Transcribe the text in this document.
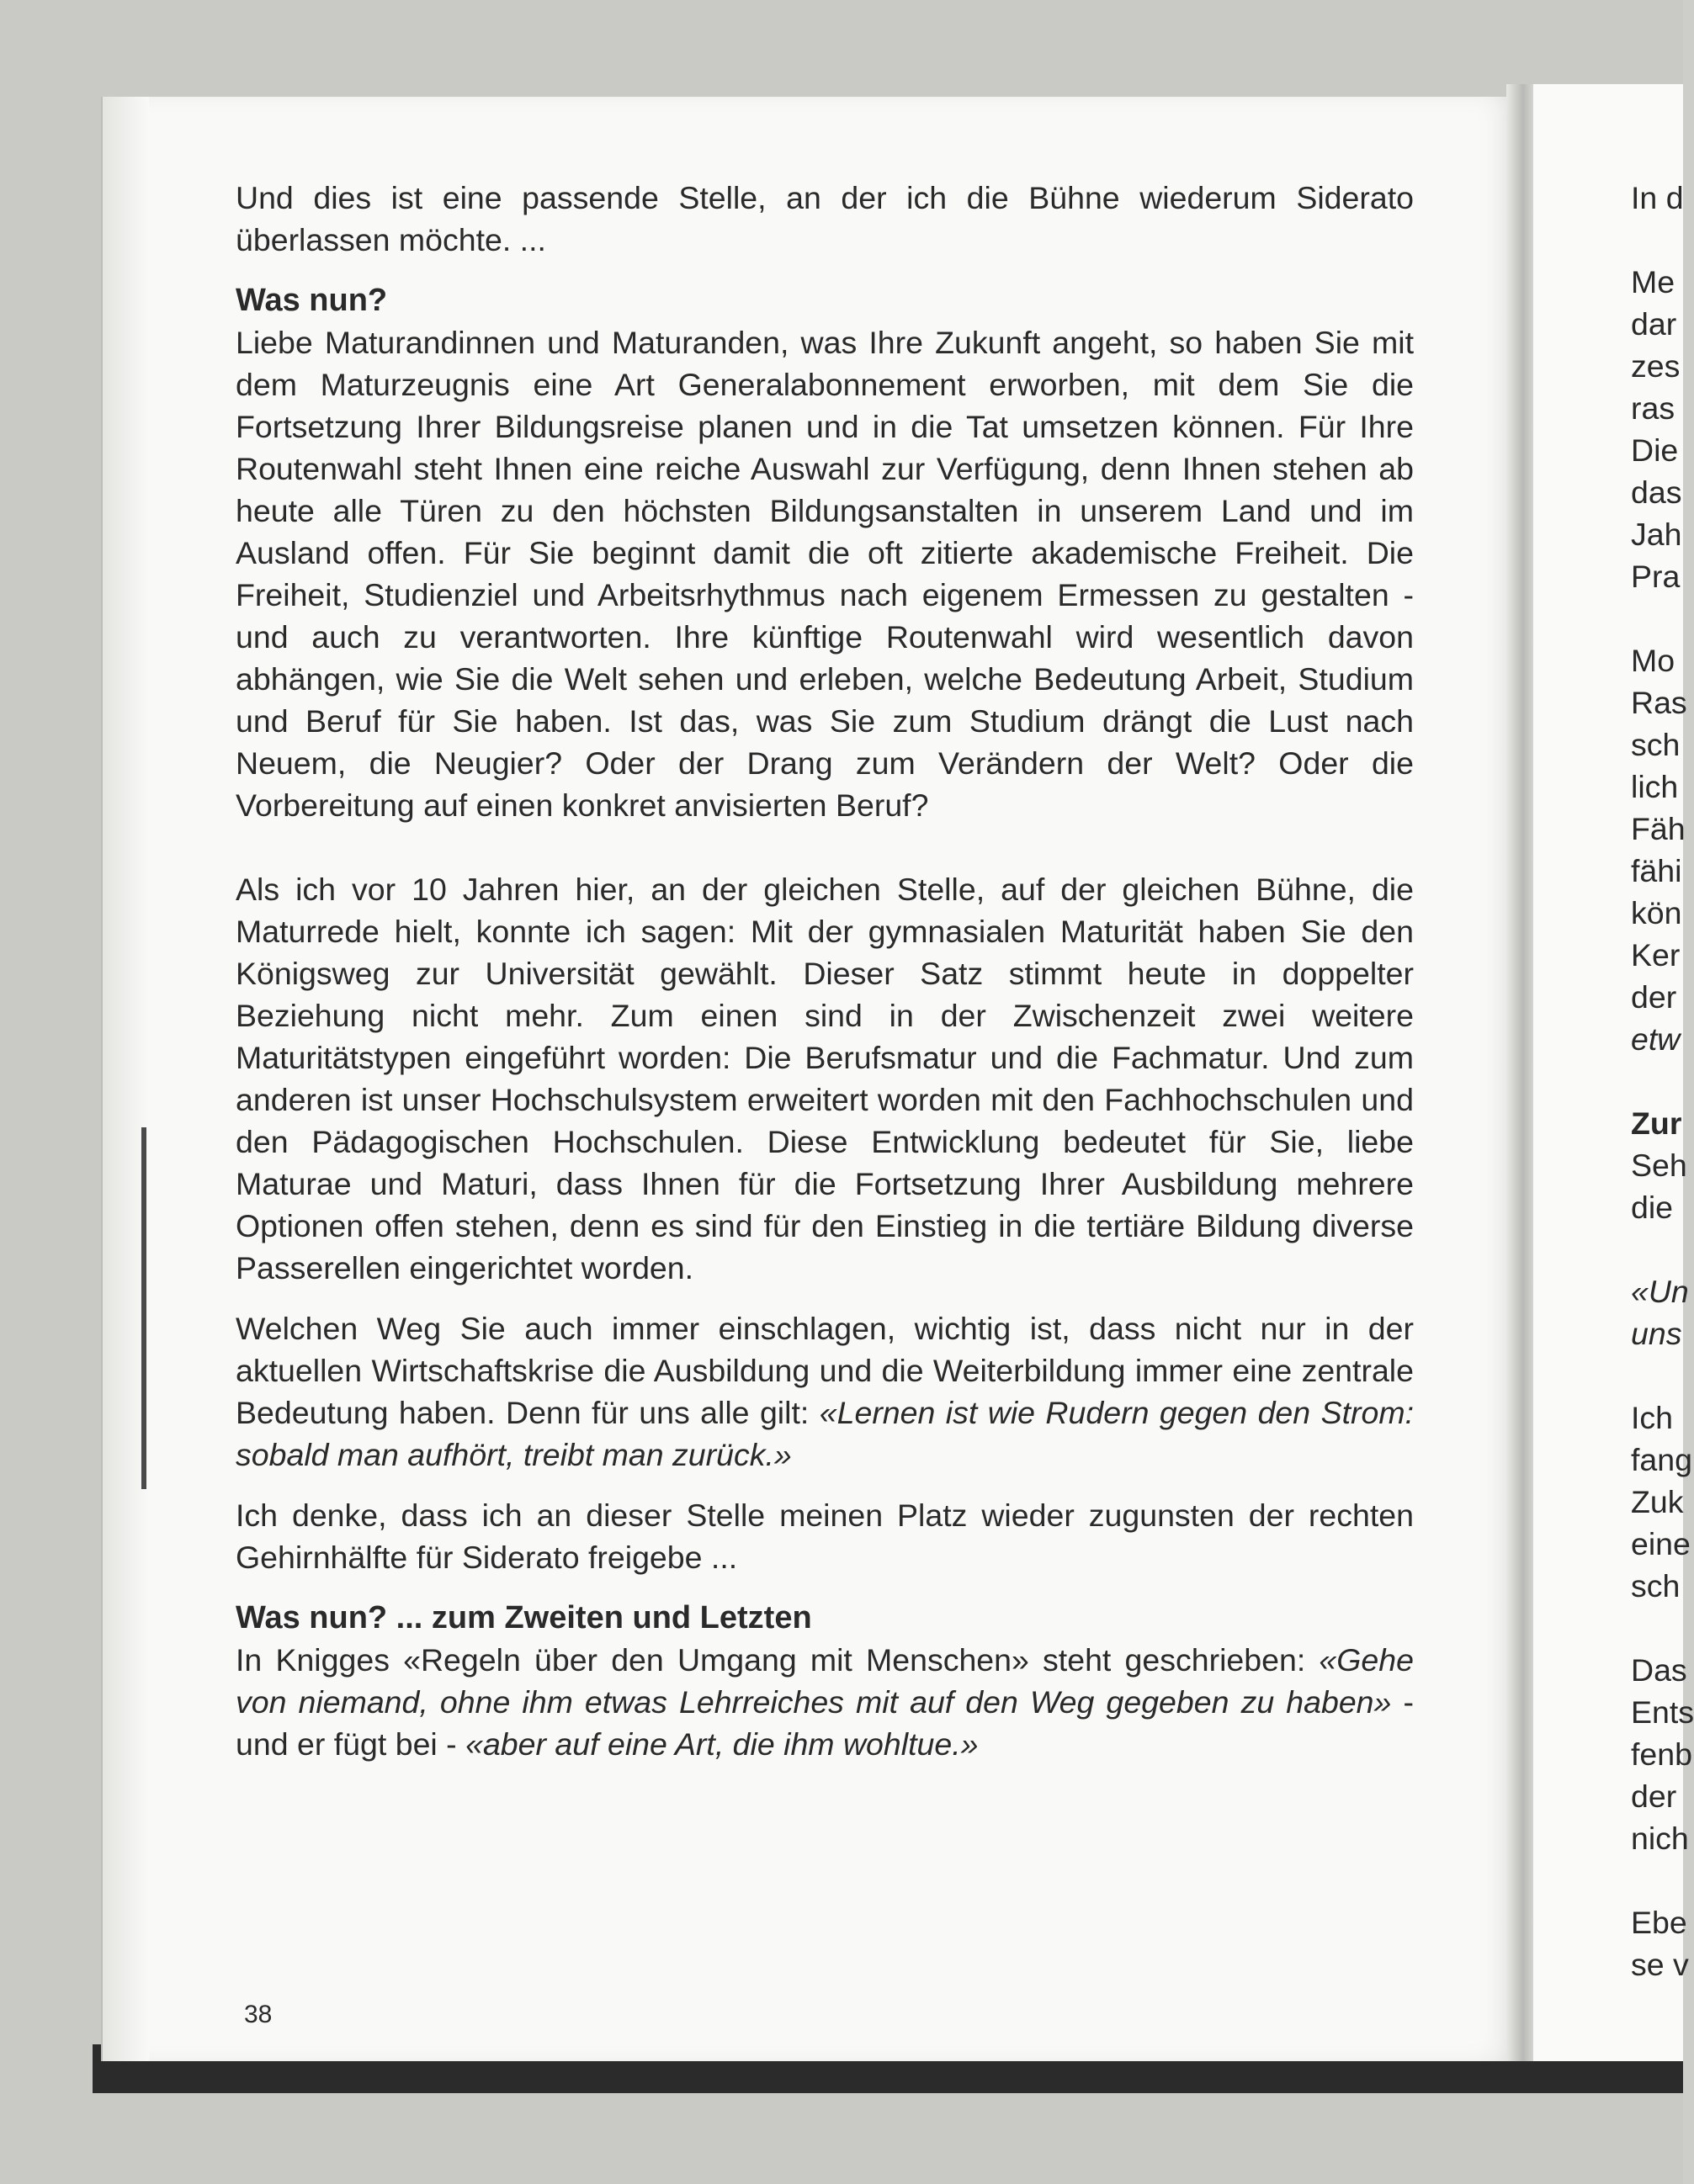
Und dies ist eine passende Stelle, an der ich die Bühne wiederum Siderato überlassen möchte. ...

Was nun?

Liebe Maturandinnen und Maturanden, was Ihre Zukunft angeht, so haben Sie mit dem Maturzeugnis eine Art Generalabonnement erworben, mit dem Sie die Fortsetzung Ihrer Bildungsreise planen und in die Tat umsetzen können. Für Ihre Routenwahl steht Ihnen eine reiche Auswahl zur Verfügung, denn Ihnen stehen ab heute alle Türen zu den höchsten Bildungsanstalten in unserem Land und im Ausland offen. Für Sie beginnt damit die oft zitierte akademische Freiheit. Die Freiheit, Studienziel und Arbeitsrhythmus nach eigenem Ermessen zu gestalten - und auch zu verantworten. Ihre künftige Routenwahl wird wesentlich davon abhängen, wie Sie die Welt sehen und erleben, welche Bedeutung Arbeit, Studium und Beruf für Sie haben. Ist das, was Sie zum Studium drängt die Lust nach Neuem, die Neugier? Oder der Drang zum Verändern der Welt? Oder die Vorbereitung auf einen konkret anvisierten Beruf?

Als ich vor 10 Jahren hier, an der gleichen Stelle, auf der gleichen Bühne, die Maturrede hielt, konnte ich sagen: Mit der gymnasialen Maturität haben Sie den Königsweg zur Universität gewählt. Dieser Satz stimmt heute in doppelter Beziehung nicht mehr. Zum einen sind in der Zwischenzeit zwei weitere Maturitätstypen eingeführt worden: Die Berufsmatur und die Fachmatur. Und zum anderen ist unser Hochschulsystem erweitert worden mit den Fachhochschulen und den Pädagogischen Hochschulen. Diese Entwicklung bedeutet für Sie, liebe Maturae und Maturi, dass Ihnen für die Fortsetzung Ihrer Ausbildung mehrere Optionen offen stehen, denn es sind für den Einstieg in die tertiäre Bildung diverse Passerellen eingerichtet worden.

Welchen Weg Sie auch immer einschlagen, wichtig ist, dass nicht nur in der aktuellen Wirtschaftskrise die Ausbildung und die Weiterbildung immer eine zentrale Bedeutung haben. Denn für uns alle gilt: «Lernen ist wie Rudern gegen den Strom: sobald man aufhört, treibt man zurück.»

Ich denke, dass ich an dieser Stelle meinen Platz wieder zugunsten der rechten Gehirnhälfte für Siderato freigebe ...

Was nun? ... zum Zweiten und Letzten

In Knigges «Regeln über den Umgang mit Menschen» steht geschrieben: «Gehe von niemand, ohne ihm etwas Lehrreiches mit auf den Weg gegeben zu haben» - und er fügt bei - «aber auf eine Art, die ihm wohltue.»

38
In d
Me
dar
zes
ras
Die
das
Jah
Pra
Mo
Ras
sch
lich
Fäh
fähi
kön
Ker
der
etw
Zur
Seh
die
«Un
uns
Ich
fang
Zuk
eine
sch
Das
Ents
fenb
der
nich
Ebe
se v
